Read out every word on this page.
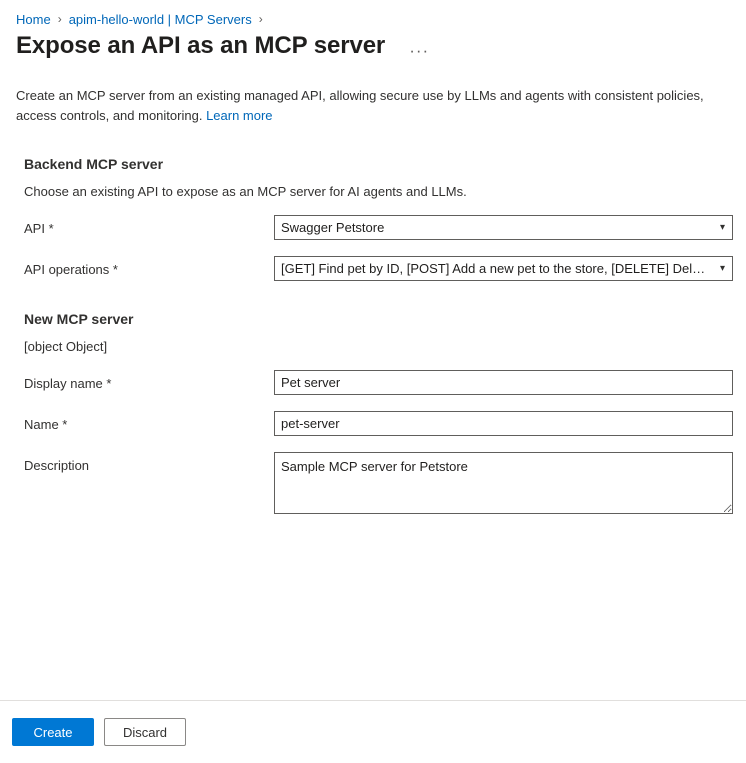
Home › apim-hello-world | MCP Servers ›
Expose an API as an MCP server	···
Create an MCP server from an existing managed API, allowing secure use by LLMs and agents with consistent policies, access controls, and monitoring. Learn more
Backend MCP server
Choose an existing API to expose as an MCP server for AI agents and LLMs.
API *
Swagger Petstore	▾
API operations *
[GET] Find pet by ID, [POST] Add a new pet to the store, [DELETE] Delet...	▾
New MCP server
[object Object]
Display name *
Pet server
Name *
pet-server
Description
Sample MCP server for Petstore
Create	Discard
